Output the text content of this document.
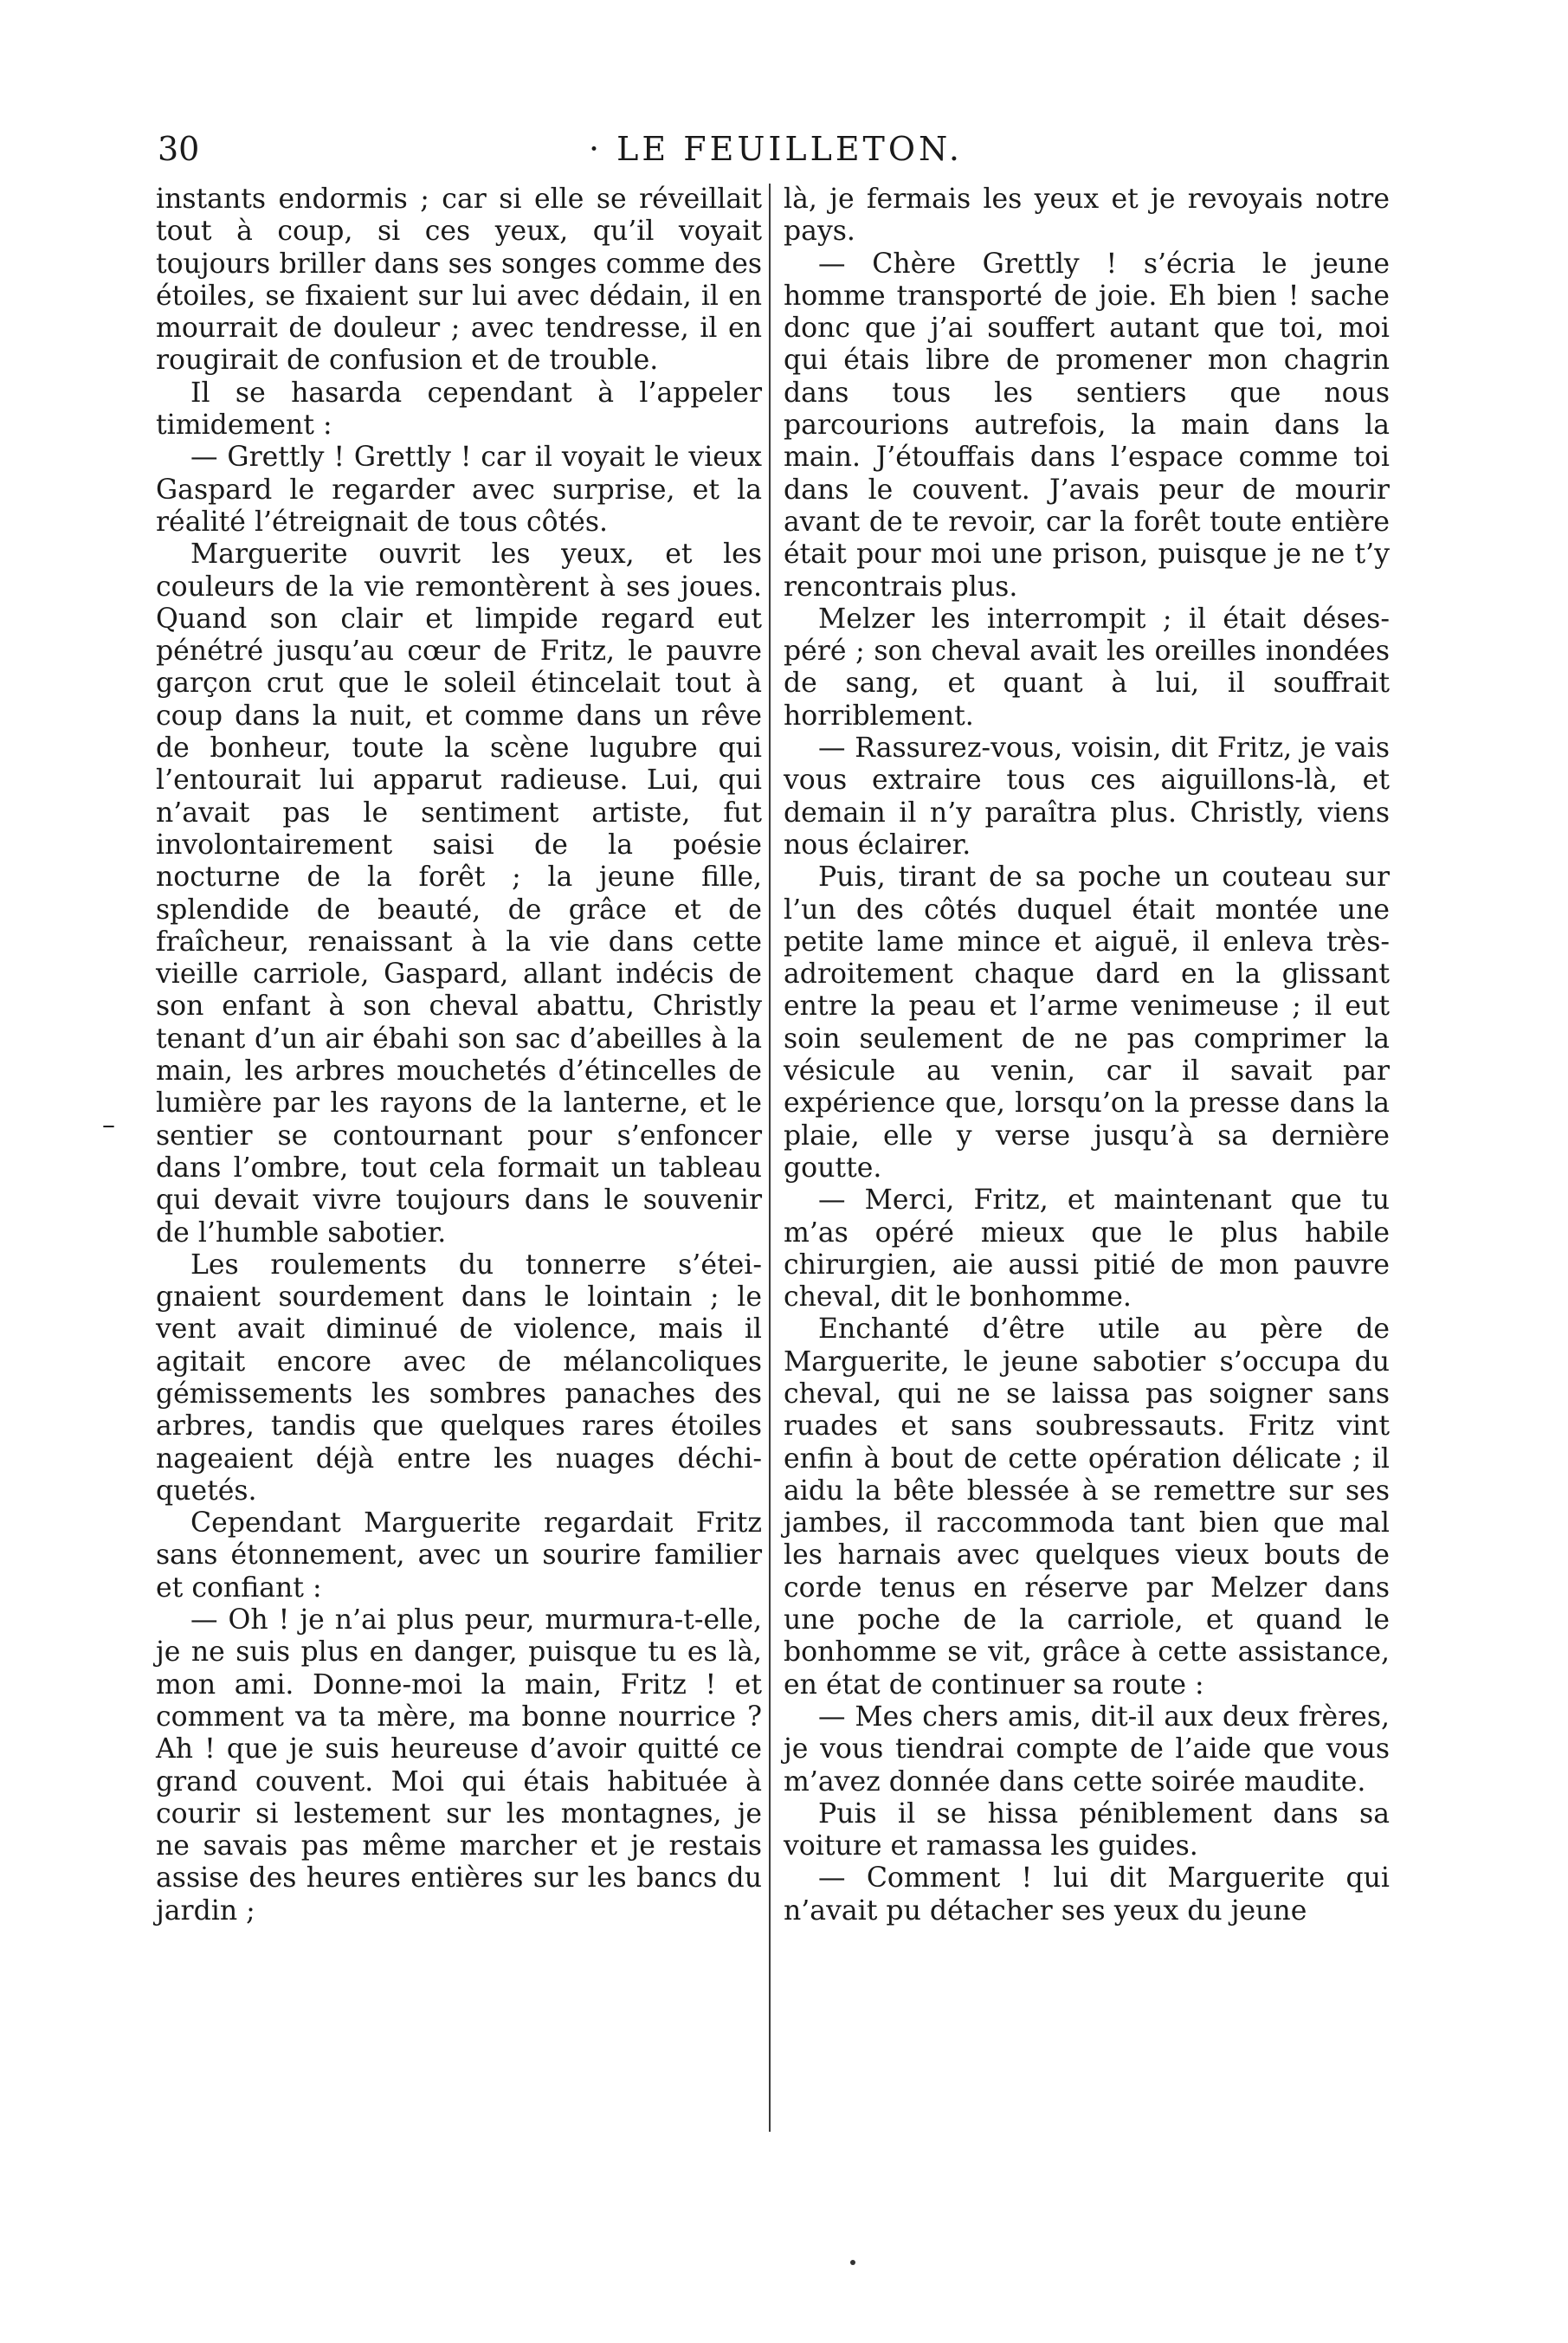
30	· LE FEUILLETON.

instants endormis ; car si elle se réveillait tout à coup, si ces yeux, qu’il voyait toujours briller dans ses songes comme des étoiles, se fixaient sur lui avec dédain, il en mourrait de douleur ; avec tendresse, il en rougirait de confusion et de trouble.

Il se hasarda cependant à l’appeler timidement :

— Grettly ! Grettly ! car il voyait le vieux Gaspard le regarder avec surprise, et la réalité l’étreignait de tous côtés.

Marguerite ouvrit les yeux, et les couleurs de la vie remontèrent à ses joues. Quand son clair et limpide regard eut pénétré jusqu’au cœur de Fritz, le pauvre garçon crut que le soleil étincelait tout à coup dans la nuit, et comme dans un rêve de bonheur, toute la scène lugubre qui l’entourait lui apparut radieuse. Lui, qui n’avait pas le sentiment artiste, fut involontairement saisi de la poésie nocturne de la forêt ; la jeune fille, splendide de beauté, de grâce et de fraîcheur, renaissant à la vie dans cette vieille carriole, Gaspard, allant indécis de son enfant à son cheval abattu, Christly tenant d’un air ébahi son sac d’abeilles à la main, les arbres mouchetés d’étincelles de lumière par les rayons de la lanterne, et le sentier se contournant pour s’enfoncer dans l’ombre, tout cela formait un tableau qui devait vivre toujours dans le souvenir de l’humble sabotier.

Les roulements du tonnerre s’éteignaient sourdement dans le lointain ; le vent avait diminué de violence, mais il agitait encore avec de mélancoliques gémissements les sombres panaches des arbres, tandis que quelques rares étoiles nageaient déjà entre les nuages déchiquetés.

Cependant Marguerite regardait Fritz sans étonnement, avec un sourire familier et confiant :

— Oh ! je n’ai plus peur, murmura-t-elle, je ne suis plus en danger, puisque tu es là, mon ami. Donne-moi la main, Fritz ! et comment va ta mère, ma bonne nourrice ? Ah ! que je suis heureuse d’avoir quitté ce grand couvent. Moi qui étais habituée à courir si lestement sur les montagnes, je ne savais pas même marcher et je restais assise des heures entières sur les bancs du jardin ;

là, je fermais les yeux et je revoyais notre pays.

— Chère Grettly ! s’écria le jeune homme transporté de joie. Eh bien ! sache donc que j’ai souffert autant que toi, moi qui étais libre de promener mon chagrin dans tous les sentiers que nous parcourions autrefois, la main dans la main. J’étouffais dans l’espace comme toi dans le couvent. J’avais peur de mourir avant de te revoir, car la forêt toute entière était pour moi une prison, puisque je ne t’y rencontrais plus.

Melzer les interrompit ; il était désespéré ; son cheval avait les oreilles inondées de sang, et quant à lui, il souffrait horriblement.

— Rassurez-vous, voisin, dit Fritz, je vais vous extraire tous ces aiguillons-là, et demain il n’y paraîtra plus. Christly, viens nous éclairer.

Puis, tirant de sa poche un couteau sur l’un des côtés duquel était montée une petite lame mince et aiguë, il enleva très-adroitement chaque dard en la glissant entre la peau et l’arme venimeuse ; il eut soin seulement de ne pas comprimer la vésicule au venin, car il savait par expérience que, lorsqu’on la presse dans la plaie, elle y verse jusqu’à sa dernière goutte.

— Merci, Fritz, et maintenant que tu m’as opéré mieux que le plus habile chirurgien, aie aussi pitié de mon pauvre cheval, dit le bonhomme.

Enchanté d’être utile au père de Marguerite, le jeune sabotier s’occupa du cheval, qui ne se laissa pas soigner sans ruades et sans soubressauts. Fritz vint enfin à bout de cette opération délicate ; il aidu la bête blessée à se remettre sur ses jambes, il raccommoda tant bien que mal les harnais avec quelques vieux bouts de corde tenus en réserve par Melzer dans une poche de la carriole, et quand le bonhomme se vit, grâce à cette assistance, en état de continuer sa route :

— Mes chers amis, dit-il aux deux frères, je vous tiendrai compte de l’aide que vous m’avez donnée dans cette soirée maudite.

Puis il se hissa péniblement dans sa voiture et ramassa les guides.

— Comment ! lui dit Marguerite qui n’avait pu détacher ses yeux du jeune

–
